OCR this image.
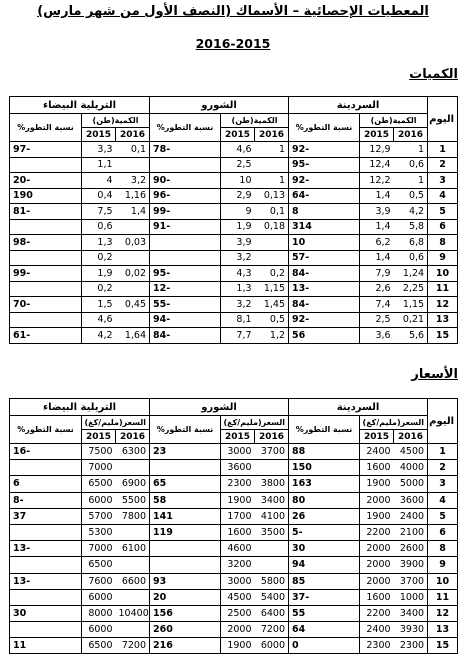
المعطيات الإحصائية – الأسماك (النصف الأول من شهر مارس)
2016-2015
الكميات
اليوم	السردينة			الشورو			التريلية البيضاء		
	الكمية(طن)		نسبة التطور%	الكمية(طن)		نسبة التطور%	الكمية(طن)		نسبة التطور%
	2016	2015		2016	2015		2016	2015	
1	1	12,9	92-	1	4,6	78-	0,1	3,3	97-
2	0,6	12,4	95-		2,5			1,1	
3	1	12,2	92-	1	10	90-	3,2	4	20-
4	0,5	1,4	64-	0,13	2,9	96-	1,16	0,4	190
5	4,2	3,9	8	0,1	9	99-	1,4	7,5	81-
6	5,8	1,4	314	0,18	1,9	91-		0,6	
8	6,8	6,2	10		3,9		0,03	1,3	98-
9	0,6	1,4	57-		3,2			0,2	
10	1,24	7,9	84-	0,2	4,3	95-	0,02	1,9	99-
11	2,25	2,6	13-	1,15	1,3	12-		0,2	
12	1,15	7,4	84-	1,45	3,2	55-	0,45	1,5	70-
13	0,21	2,5	92-	0,5	8,1	94-		4,6	
15	5,6	3,6	56	1,2	7,7	84-	1,64	4,2	61-
الأسعار
اليوم	السردينة			الشورو			التريلية البيضاء		
	السعر(مليم/كغ)		نسبة التطور%	السعر(مليم/كغ)		نسبة التطور%	السعر(مليم/كغ)		نسبة التطور%
	2016	2015		2016	2015		2016	2015	
1	4500	2400	88	3700	3000	23	6300	7500	16-
2	4000	1600	150		3600			7000	
3	5000	1900	163	3800	2300	65	6900	6500	6
4	3600	2000	80	3400	1900	58	5500	6000	8-
5	2400	1900	26	4100	1700	141	7800	5700	37
6	2100	2200	5-	3500	1600	119		5300	
8	2600	2000	30		4600		6100	7000	13-
9	3900	2000	94		3200			6500	
10	3700	2000	85	5800	3000	93	6600	7600	13-
11	1000	1600	37-	5400	4500	20		6000	
12	3400	2200	55	6400	2500	156	10400	8000	30
13	3930	2400	64	7200	2000	260		6000	
15	2300	2300	0	6000	1900	216	7200	6500	11
